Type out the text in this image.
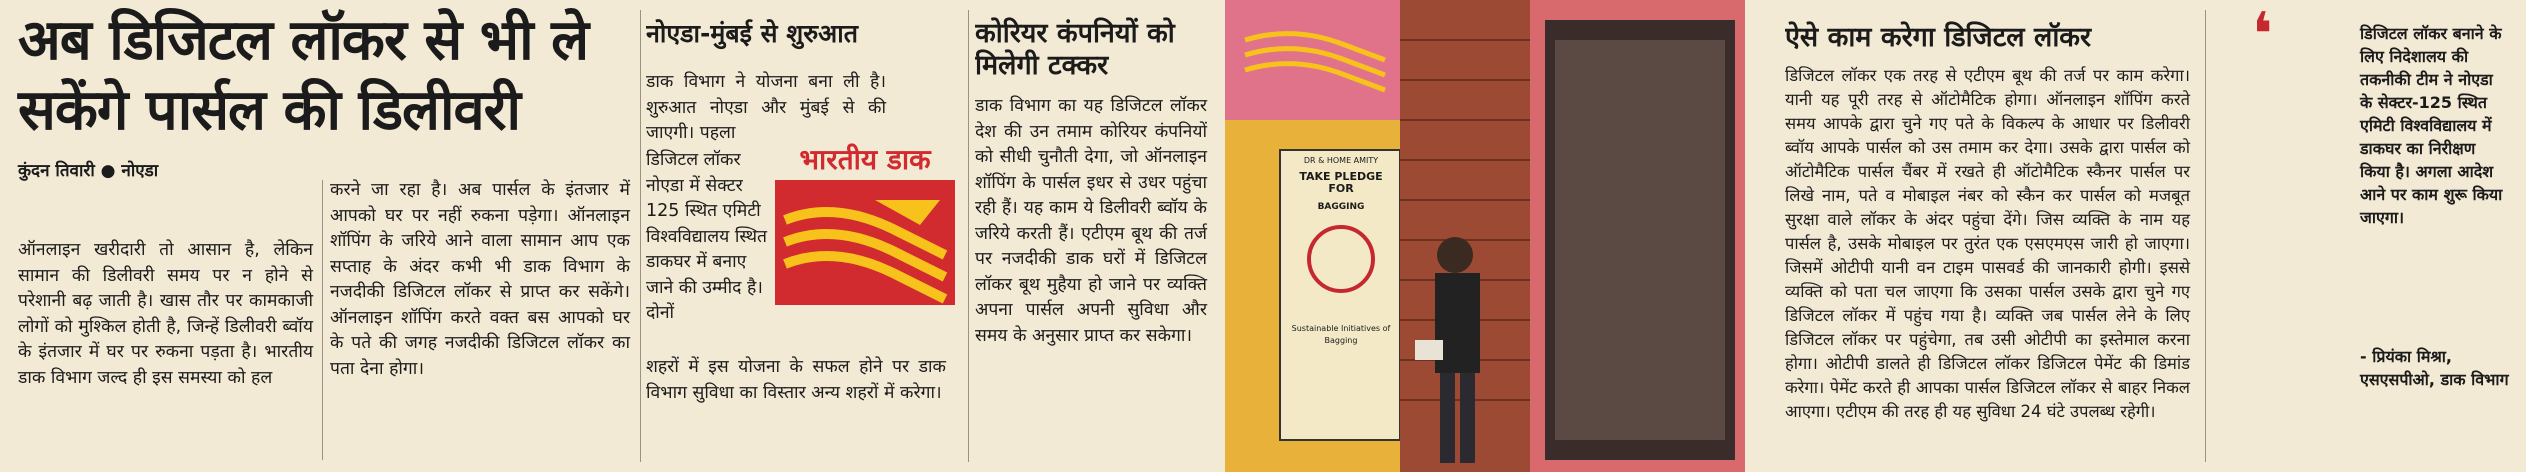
अब डिजिटल लॉकर से भी ले
सकेंगे पार्सल की डिलीवरी
कुंदन तिवारी ● नोएडा
ऑनलाइन खरीदारी तो आसान है, लेकिन सामान की डिलीवरी समय पर न होने से परेशानी बढ़ जाती है। खास तौर पर कामकाजी लोगों को मुश्किल होती है, जिन्हें डिलीवरी ब्वॉय के इंतजार में घर पर रुकना पड़ता है। भारतीय डाक विभाग जल्द ही इस समस्या को हल
करने जा रहा है। अब पार्सल के इंतजार में आपको घर पर नहीं रुकना पड़ेगा। ऑनलाइन शॉपिंग के जरिये आने वाला सामान आप एक सप्ताह के अंदर कभी भी डाक विभाग के नजदीकी डिजिटल लॉकर से प्राप्त कर सकेंगे। ऑनलाइन शॉपिंग करते वक्त बस आपको घर के पते की जगह नजदीकी डिजिटल लॉकर का पता देना होगा।
नोएडा-मुंबई से शुरुआत
डाक विभाग ने योजना बना ली है। शुरुआत नोएडा और मुंबई से की जाएगी। पहला
डिजिटल लॉकर नोएडा में सेक्टर 125 स्थित एमिटी विश्वविद्यालय स्थित डाकघर में बनाए जाने की उम्मीद है। दोनों
शहरों में इस योजना के सफल होने पर डाक विभाग सुविधा का विस्तार अन्य शहरों में करेगा।
भारतीय डाक
कोरियर कंपनियों को
मिलेगी टक्कर
डाक विभाग का यह डिजिटल लॉकर देश की उन तमाम कोरियर कंपनियों को सीधी चुनौती देगा, जो ऑनलाइन शॉपिंग के पार्सल इधर से उधर पहुंचा रही हैं। यह काम ये डिलीवरी ब्वॉय के जरिये करती हैं। एटीएम बूथ की तर्ज पर नजदीकी डाक घरों में डिजिटल लॉकर बूथ मुहैया हो जाने पर व्यक्ति अपना पार्सल अपनी सुविधा और समय के अनुसार प्राप्त कर सकेगा।
DR & HOME AMITY
TAKE PLEDGE FOR
BAGGING
Sustainable Initiatives of Bagging
ऐसे काम करेगा डिजिटल लॉकर
डिजिटल लॉकर एक तरह से एटीएम बूथ की तर्ज पर काम करेगा। यानी यह पूरी तरह से ऑटोमैटिक होगा। ऑनलाइन शॉपिंग करते समय आपके द्वारा चुने गए पते के विकल्प के आधार पर डिलीवरी ब्वॉय आपके पार्सल को उस तमाम कर देगा। उसके द्वारा पार्सल को ऑटोमैटिक पार्सल चैंबर में रखते ही ऑटोमैटिक स्कैनर पार्सल पर लिखे नाम, पते व मोबाइल नंबर को स्कैन कर पार्सल को मजबूत सुरक्षा वाले लॉकर के अंदर पहुंचा देंगे। जिस व्यक्ति के नाम यह पार्सल है, उसके मोबाइल पर तुरंत एक एसएमएस जारी हो जाएगा। जिसमें ओटीपी यानी वन टाइम पासवर्ड की जानकारी होगी। इससे व्यक्ति को पता चल जाएगा कि उसका पार्सल उसके द्वारा चुने गए डिजिटल लॉकर में पहुंच गया है। व्यक्ति जब पार्सल लेने के लिए डिजिटल लॉकर पर पहुंचेगा, तब उसी ओटीपी का इस्तेमाल करना होगा। ओटीपी डालते ही डिजिटल लॉकर डिजिटल पेमेंट की डिमांड करेगा। पेमेंट करते ही आपका पार्सल डिजिटल लॉकर से बाहर निकल आएगा। एटीएम की तरह ही यह सुविधा 24 घंटे उपलब्ध रहेगी।
❛	डिजिटल लॉकर बनाने के लिए निदेशालय की तकनीकी टीम ने नोएडा के सेक्टर-125 स्थित एमिटी विश्वविद्यालय में डाकघर का निरीक्षण किया है। अगला आदेश आने पर काम शुरू किया जाएगा।
- प्रियंका मिश्रा, एसएसपीओ, डाक विभाग
